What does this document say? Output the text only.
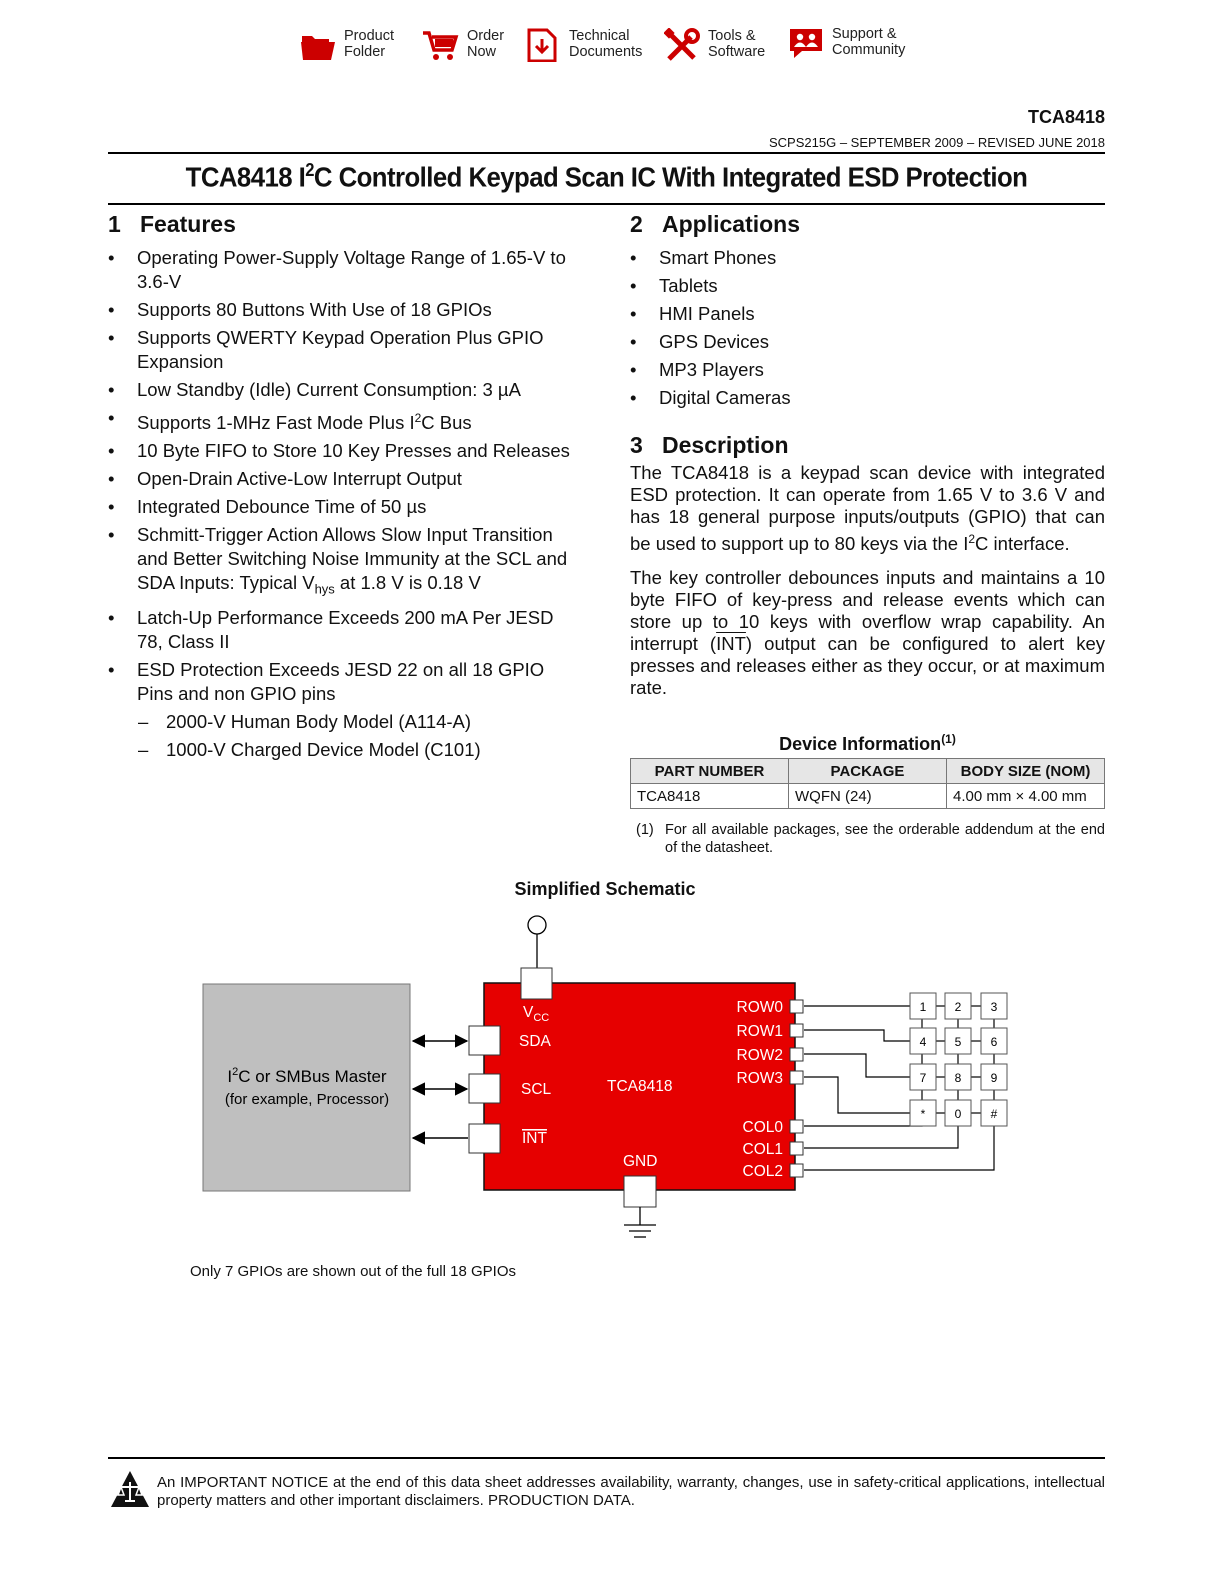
Product
Folder
Order
Now
Technical
Documents
Tools &
Software
Support &
Community
TCA8418
SCPS215G – SEPTEMBER 2009 – REVISED JUNE 2018
TCA8418 $I^2C$ Controlled Keypad Scan IC With Integrated ESD Protection
1 Features
• Operating Power-Supply Voltage Range of 1.65-V to 3.6-V
• Supports 80 Buttons With Use of 18 GPIOs
• Supports QWERTY Keypad Operation Plus GPIO Expansion
• Low Standby (Idle) Current Consumption: 3 µA
• Supports 1-MHz Fast Mode Plus $I^2C$ Bus
• 10 Byte FIFO to Store 10 Key Presses and Releases
• Open-Drain Active-Low Interrupt Output
• Integrated Debounce Time of 50 µs
• Schmitt-Trigger Action Allows Slow Input Transition and Better Switching Noise Immunity at the SCL and SDA Inputs: Typical $V_{hys}$ at 1.8 V is 0.18 V
• Latch-Up Performance Exceeds 200 mA Per JESD 78, Class II
• ESD Protection Exceeds JESD 22 on all 18 GPIO Pins and non GPIO pins
– 2000-V Human Body Model (A114-A)
– 1000-V Charged Device Model (C101)
2 Applications
• Smart Phones
• Tablets
• HMI Panels
• GPS Devices
• MP3 Players
• Digital Cameras
3 Description

The TCA8418 is a keypad scan device with integrated ESD protection. It can operate from 1.65 V to 3.6 V and has 18 general purpose inputs/outputs (GPIO) that can be used to support up to 80 keys via the $I^2C$ interface.

The key controller debounces inputs and maintains a 10 byte FIFO of key-press and release events which can store up to 10 keys with overflow wrap capability. An interrupt $(\overline{INT})$ output can be configured to alert key presses and releases either as they occur, or at maximum rate.

Device Information$^{(1)}$
PART NUMBER	PACKAGE	BODY SIZE (NOM)
TCA8418	WQFN (24)	4.00 mm × 4.00 mm
(1) For all available packages, see the orderable addendum at the end of the datasheet.
Simplified Schematic
$I^2C$ or SMBus Master
(for example, Processor)
$V_{CC}$
SDA
SCL
INT
TCA8418
GND
ROW0
ROW1
ROW2
ROW3
COL0
COL1
COL2
1 2 3
4 5 6
7 8 9
* 0 #
Only 7 GPIOs are shown out of the full 18 GPIOs
An IMPORTANT NOTICE at the end of this data sheet addresses availability, warranty, changes, use in safety-critical applications, intellectual property matters and other important disclaimers. PRODUCTION DATA.
